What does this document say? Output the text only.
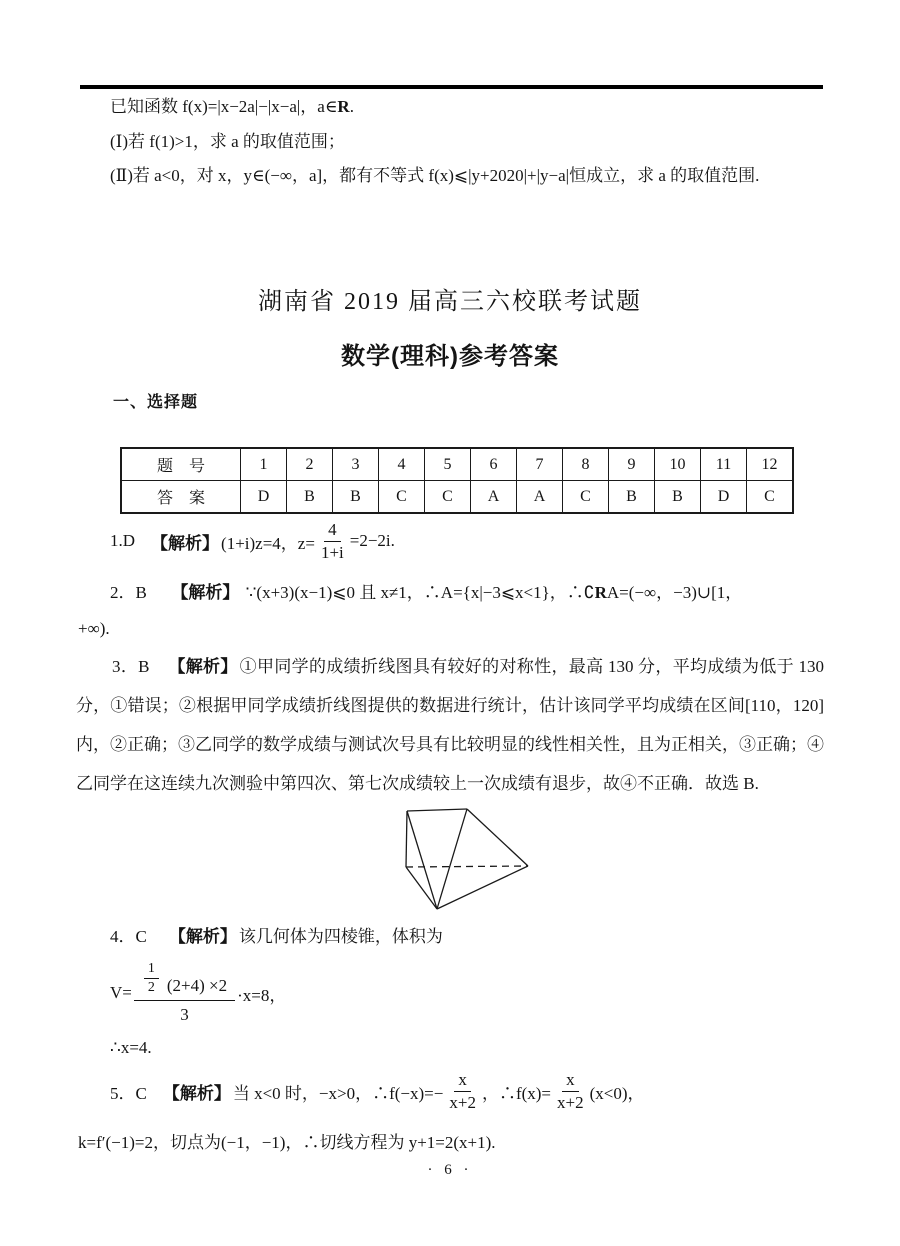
已知函数 f(x)=|x−2a|−|x−a|，a∈R.
(Ⅰ)若 f(1)>1，求 a 的取值范围；
(Ⅱ)若 a<0，对 x，y∈(−∞，a]，都有不等式 f(x)⩽|y+2020|+|y−a|恒成立，求 a 的取值范围.
湖南省 2019 届高三六校联考试题
数学(理科)参考答案
一、选择题
题　号	1	2	3	4	5	6	7	8	9	10	11	12
答　案	D	B	B	C	C	A	A	C	B	B	D	C
1.D 【解析】 (1+i)z=4，$z= \frac{4}{1+i} =2-2i$.
2．B 【解析】 ∵(x+3)(x−1)⩽0 且 x≠1，∴A={x|−3⩽x<1}，∴∁RA=(−∞，−3)∪[1，
+∞).
3．B 【解析】 ①甲同学的成绩折线图具有较好的对称性，最高 130 分，平均成绩为低于 130 分，①错误；②根据甲同学成绩折线图提供的数据进行统计，估计该同学平均成绩在区间[110，120]内，②正确；③乙同学的数学成绩与测试次号具有比较明显的线性相关性，且为正相关，③正确；④乙同学在这连续九次测验中第四次、第七次成绩较上一次成绩有退步，故④不正确．故选 B.
4．C 【解析】 该几何体为四棱锥，体积为
$V= \frac{\frac{1}{2} (2+4) \times 2}{3} \cdot x=8$，
∴x=4.
5．C 【解析】 当 x<0 时，−x>0，∴f(−x)=− $\frac{x}{x+2}$ ，∴f(x)= $\frac{x}{x+2} (x<0)$，
k=f′(−1)=2，切点为(−1，−1)，∴切线方程为 y+1=2(x+1).
· 6 ·
